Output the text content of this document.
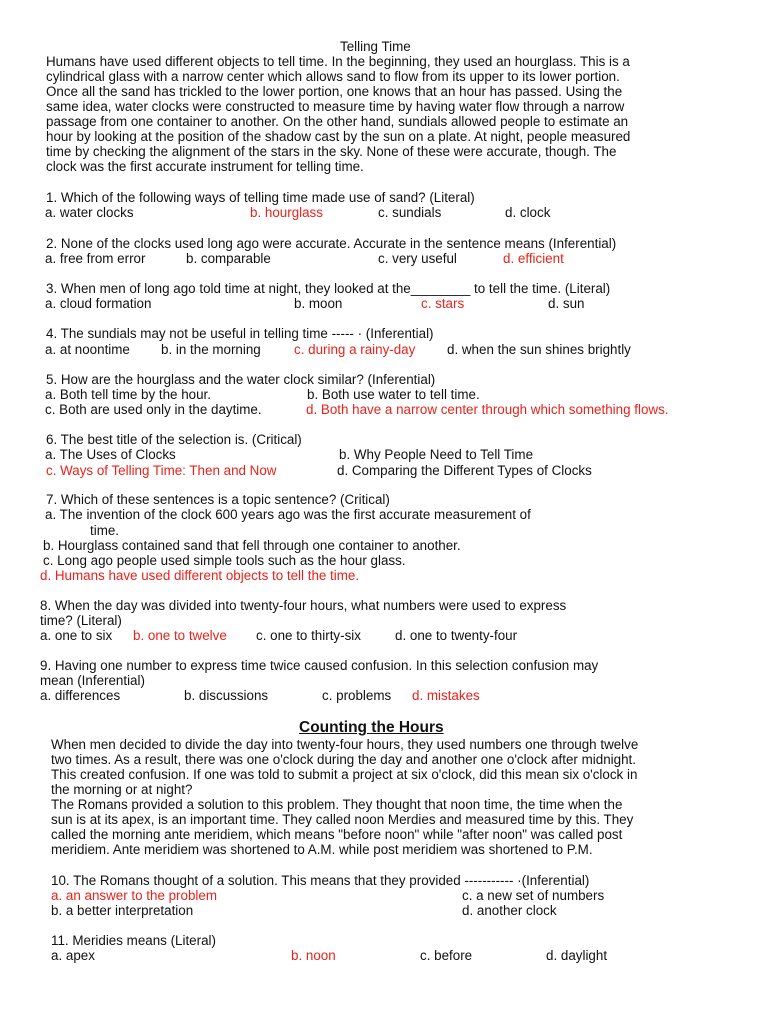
Telling Time
Humans have used different objects to tell time. In the beginning, they used an hourglass. This is a
cylindrical glass with a narrow center which allows sand to flow from its upper to its lower portion.
Once all the sand has trickled to the lower portion, one knows that an hour has passed. Using the
same idea, water clocks were constructed to measure time by having water flow through a narrow
passage from one container to another. On the other hand, sundials allowed people to estimate an
hour by looking at the position of the shadow cast by the sun on a plate. At night, people measured
time by checking the alignment of the stars in the sky. None of these were accurate, though. The
clock was the first accurate instrument for telling time.
1. Which of the following ways of telling time made use of sand? (Literal)
a. water clocks	b. hourglass	c. sundials	d. clock
2. None of the clocks used long ago were accurate. Accurate in the sentence means (Inferential)
a. free from error	b. comparable	c. very useful	d. efficient
3. When men of long ago told time at night, they looked at the________ to tell the time. (Literal)
a. cloud formation	b. moon	c. stars	d. sun
4. The sundials may not be useful in telling time ----- · (Inferential)
a. at noontime b. in the morning c. during a rainy-day d. when the sun shines brightly
5. How are the hourglass and the water clock similar? (Inferential)
a. Both tell time by the hour.	b. Both use water to tell time.
c. Both are used only in the daytime.	d. Both have a narrow center through which something flows.
6. The best title of the selection is. (Critical)
a. The Uses of Clocks	b. Why People Need to Tell Time
c. Ways of Telling Time: Then and Now	d. Comparing the Different Types of Clocks
7. Which of these sentences is a topic sentence? (Critical)
a. The invention of the clock 600 years ago was the first accurate measurement of
time.
b. Hourglass contained sand that fell through one container to another.
c. Long ago people used simple tools such as the hour glass.
d. Humans have used different objects to tell the time.
8. When the day was divided into twenty-four hours, what numbers were used to express
time? (Literal)
a. one to six b. one to twelve c. one to thirty-six	d. one to twenty-four
9. Having one number to express time twice caused confusion. In this selection confusion may
mean (Inferential)
a. differences	b. discussions	c. problems d. mistakes
Counting the Hours
When men decided to divide the day into twenty-four hours, they used numbers one through twelve
two times. As a result, there was one o'clock during the day and another one o'clock after midnight.
This created confusion. If one was told to submit a project at six o'clock, did this mean six o'clock in
the morning or at night?
The Romans provided a solution to this problem. They thought that noon time, the time when the
sun is at its apex, is an important time. They called noon Merdies and measured time by this. They
called the morning ante meridiem, which means "before noon" while "after noon" was called post
meridiem. Ante meridiem was shortened to A.M. while post meridiem was shortened to P.M.
10. The Romans thought of a solution. This means that they provided ----------- ·(Inferential)
a. an answer to the problem	c. a new set of numbers
b. a better interpretation	d. another clock
11. Meridies means (Literal)
a. apex	b. noon	c. before	d. daylight
